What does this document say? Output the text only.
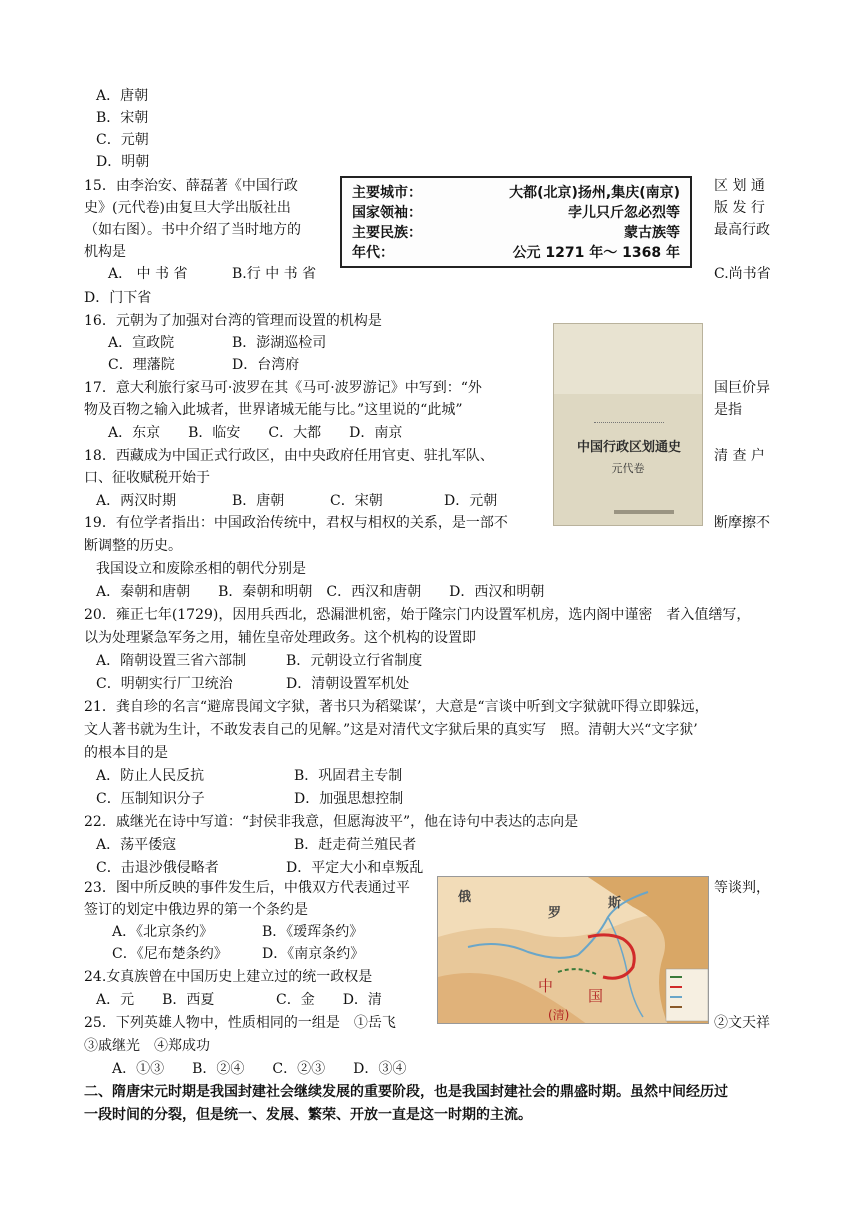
A．唐朝
B．宋朝
C．元朝
D．明朝
15．由李治安、薛磊著《中国行政	区 划 通
史》(元代卷)由复旦大学出版社出	版 发 行
（如右图）。书中介绍了当时地方的	最高行政
机构是
A． 中 书 省	B.行 中 书 省	C.尚书省
D．门下省
主要城市：	大都(北京)扬州,集庆(南京)
国家领袖：	孛儿只斤忽必烈等
主要民族：	蒙古族等
年代：	公元 1271 年～ 1368 年
中国行政区划通史
元代卷
16．元朝为了加强对台湾的管理而设置的机构是
A．宣政院	B．澎湖巡检司
C．理藩院	D．台湾府
17．意大利旅行家马可·波罗在其《马可·波罗游记》中写到：“外	国巨价异
物及百物之输入此城者，世界诸城无能与比。”这里说的“此城”	是指
A．东京　　B．临安　　C．大都　　D．南京
18．西藏成为中国正式行政区，由中央政府任用官吏、驻扎军队、	清 查 户
口、征收赋税开始于
A．两汉时期	B．唐朝	C．宋朝	D．元朝
19．有位学者指出：中国政治传统中，君权与相权的关系，是一部不	断摩擦不
断调整的历史。
我国设立和废除丞相的朝代分别是
A．秦朝和唐朝　　B．秦朝和明朝　C．西汉和唐朝　　D．西汉和明朝
20．雍正七年(1729)，因用兵西北，恐漏泄机密，始于隆宗门内设置军机房，选内阁中谨密　者入值缮写，
以为处理紧急军务之用，辅佐皇帝处理政务。这个机构的设置即
A．隋朝设置三省六部制	B．元朝设立行省制度
C．明朝实行厂卫统治	D．清朝设置军机处
21．龚自珍的名言“避席畏闻文字狱，著书只为稻粱谋’，大意是“言谈中听到文字狱就吓得立即躲远，
文人著书就为生计，不敢发表自己的见解。”这是对清代文字狱后果的真实写　照。清朝大兴“文字狱’
的根本目的是
A．防止人民反抗	B．巩固君主专制
C．压制知识分子	D．加强思想控制
22．戚继光在诗中写道：“封侯非我意，但愿海波平”，他在诗句中表达的志向是
A．荡平倭寇	B．赶走荷兰殖民者
C．击退沙俄侵略者	D．平定大小和卓叛乱
23．图中所反映的事件发生后，中俄双方代表通过平	等谈判，
签订的划定中俄边界的第一个条约是
A．《北京条约》	B．《瑷珲条约》
C．《尼布楚条约》 D．《南京条约》
24.女真族曾在中国历史上建立过的统一政权是
A．元　　B．西夏	C．金　　D．清
25．下列英雄人物中，性质相同的一组是　①岳飞	②文天祥
③戚继光　④郑成功
A．①③　　B．②④　　C．②③　　D．③④
俄
罗
斯
中
国
(清)
二、隋唐宋元时期是我国封建社会继续发展的重要阶段，也是我国封建社会的鼎盛时期。虽然中间经历过
一段时间的分裂，但是统一、发展、繁荣、开放一直是这一时期的主流。
